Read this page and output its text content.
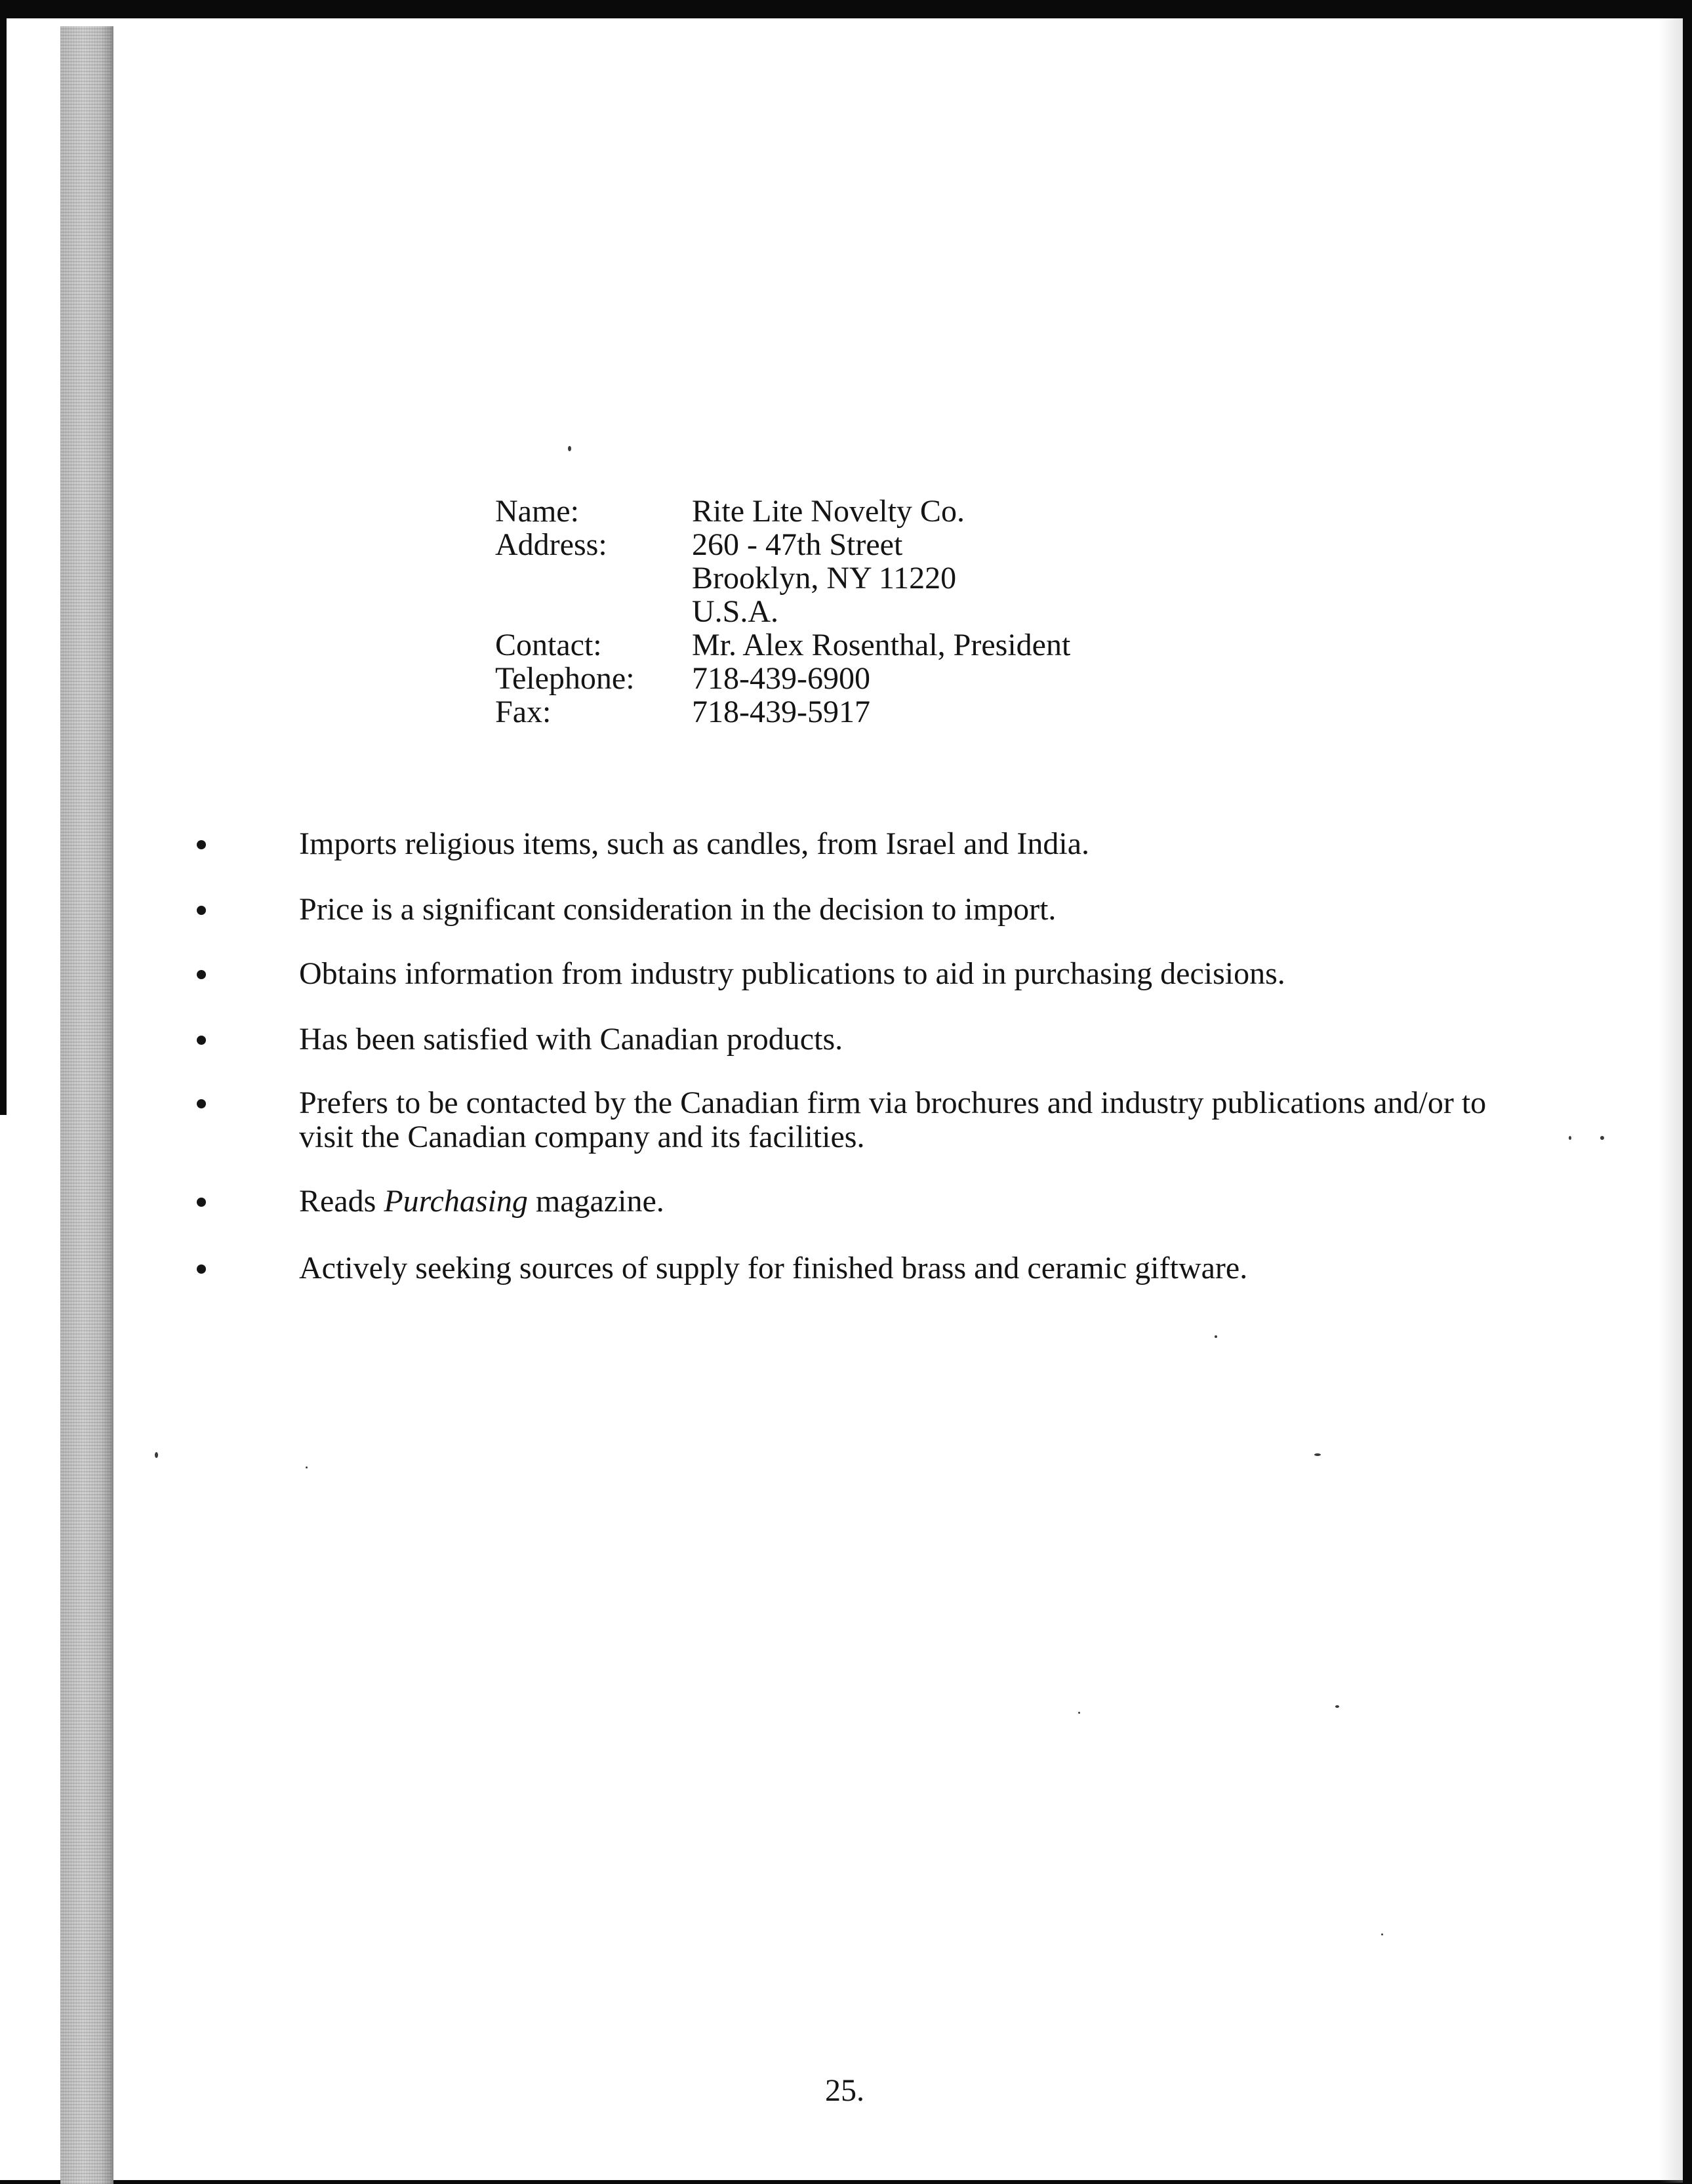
Name:	Rite Lite Novelty Co.
Address:	260 - 47th Street
Brooklyn, NY 11220
U.S.A.
Contact:	Mr. Alex Rosenthal, President
Telephone:	718-439-6900
Fax:	718-439-5917
Imports religious items, such as candles, from Israel and India.
Price is a significant consideration in the decision to import.
Obtains information from industry publications to aid in purchasing decisions.
Has been satisfied with Canadian products.
Prefers to be contacted by the Canadian firm via brochures and industry publications and/or to visit the Canadian company and its facilities.
Reads Purchasing magazine.
Actively seeking sources of supply for finished brass and ceramic giftware.
25.
